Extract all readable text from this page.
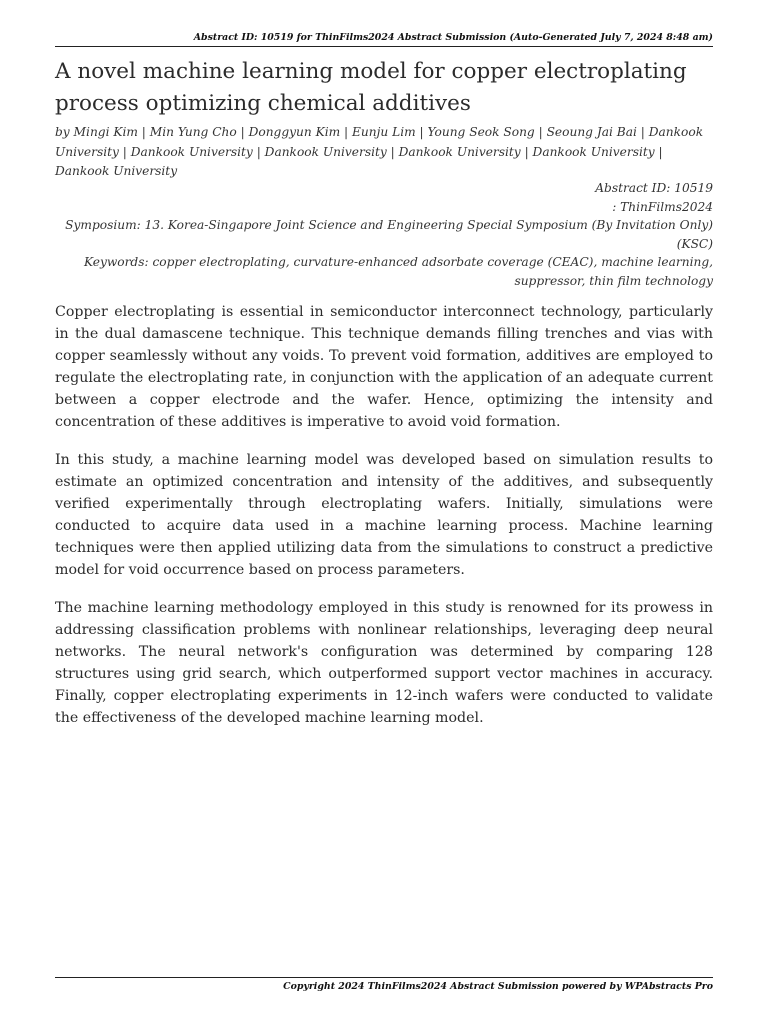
Abstract ID: 10519 for ThinFilms2024 Abstract Submission (Auto-Generated July 7, 2024 8:48 am)
A novel machine learning model for copper electroplating process optimizing chemical additives

by Mingi Kim | Min Yung Cho | Donggyun Kim | Eunju Lim | Young Seok Song | Seoung Jai Bai | Dankook University | Dankook University | Dankook University | Dankook University | Dankook University | Dankook University

Abstract ID: 10519
: ThinFilms2024
Symposium: 13. Korea-Singapore Joint Science and Engineering Special Symposium (By Invitation Only) (KSC)
Keywords: copper electroplating, curvature-enhanced adsorbate coverage (CEAC), machine learning, suppressor, thin film technology

Copper electroplating is essential in semiconductor interconnect technology, particularly in the dual damascene technique. This technique demands filling trenches and vias with copper seamlessly without any voids. To prevent void formation, additives are employed to regulate the electroplating rate, in conjunction with the application of an adequate current between a copper electrode and the wafer. Hence, optimizing the intensity and concentration of these additives is imperative to avoid void formation.

In this study, a machine learning model was developed based on simulation results to estimate an optimized concentration and intensity of the additives, and subsequently verified experimentally through electroplating wafers. Initially, simulations were conducted to acquire data used in a machine learning process. Machine learning techniques were then applied utilizing data from the simulations to construct a predictive model for void occurrence based on process parameters.

The machine learning methodology employed in this study is renowned for its prowess in addressing classification problems with nonlinear relationships, leveraging deep neural networks. The neural network's configuration was determined by comparing 128 structures using grid search, which outperformed support vector machines in accuracy. Finally, copper electroplating experiments in 12-inch wafers were conducted to validate the effectiveness of the developed machine learning model.

Copyright 2024 ThinFilms2024 Abstract Submission powered by WPAbstracts Pro
